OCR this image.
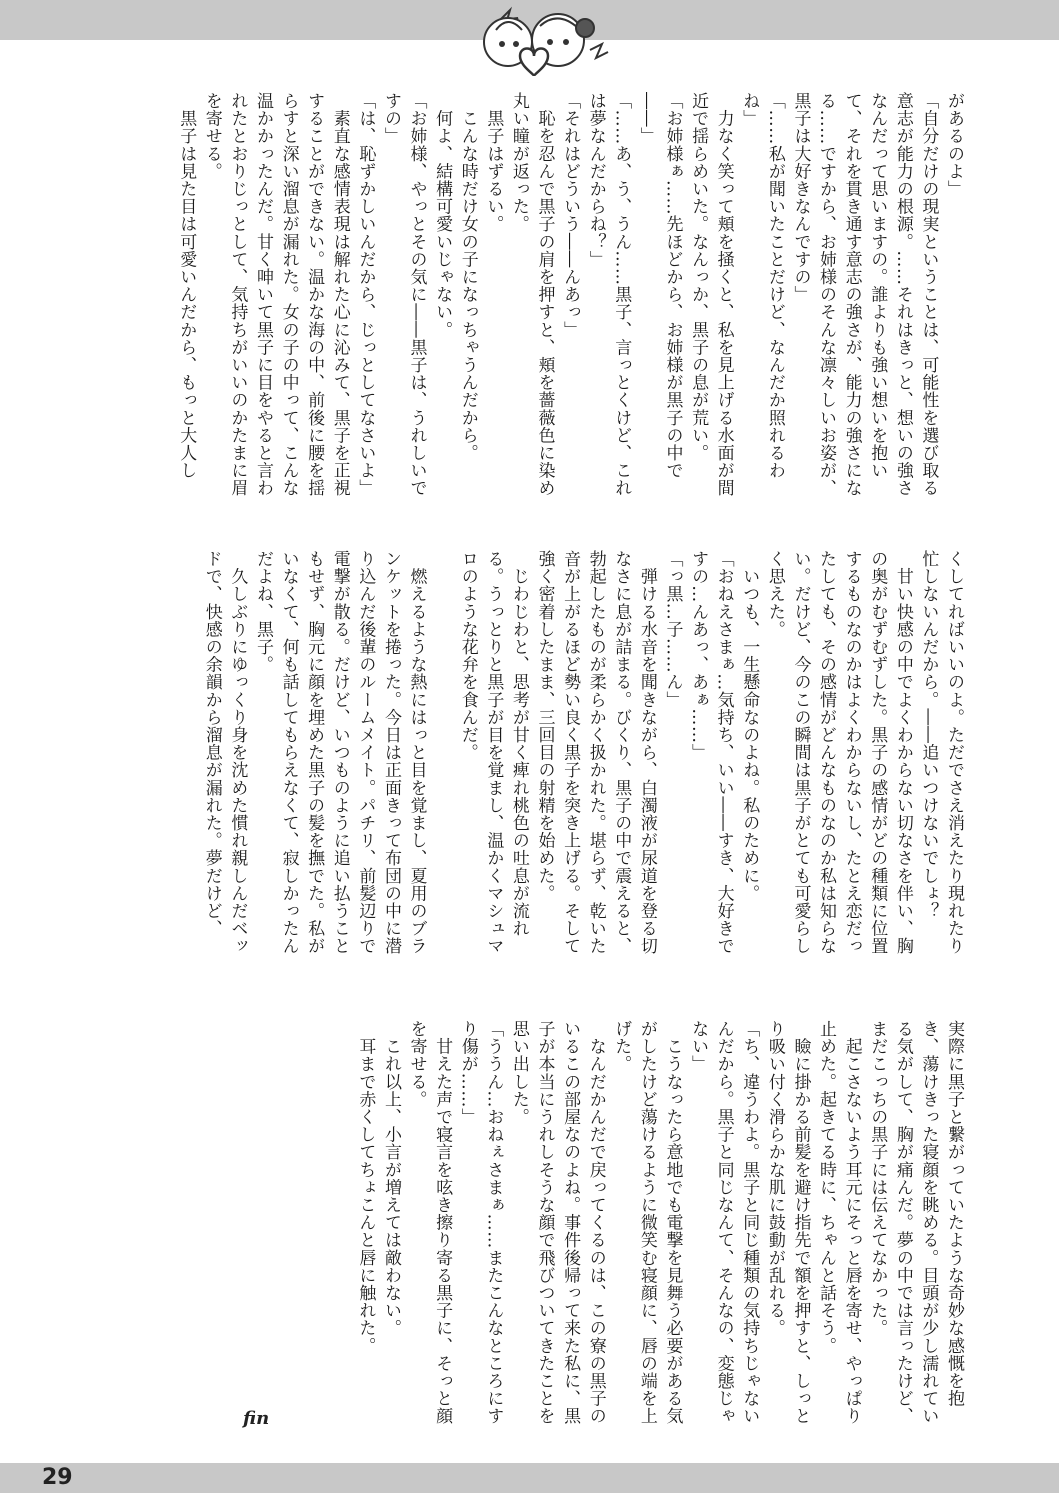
があるのよ」
「自分だけの現実ということは、可能性を選び取る意志が能力の根源。……それはきっと、想いの強さなんだって思いますの。誰よりも強い想いを抱いて、それを貫き通す意志の強さが、能力の強さになる……ですから、お姉様のそんな凛々しいお姿が、黒子は大好きなんですの」
「……私が聞いたことだけど、なんだか照れるわね」
　力なく笑って頬を掻くと、私を見上げる水面が間近で揺らめいた。なんっか、黒子の息が荒い。
「お姉様ぁ……先ほどから、お姉様が黒子の中で――」
「……あ、う、うん……黒子、言っとくけど、これは夢なんだからね？」
「それはどういう――んあっ」
　恥を忍んで黒子の肩を押すと、頬を薔薇色に染め丸い瞳が返った。
　黒子はずるい。
　こんな時だけ女の子になっちゃうんだから。
　何よ、結構可愛いじゃない。
「お姉様、やっとその気に――黒子は、うれしいですの」
「は、恥ずかしいんだから、じっとしてなさいよ」
　素直な感情表現は解れた心に沁みて、黒子を正視することができない。温かな海の中、前後に腰を揺らすと深い溜息が漏れた。女の子の中って、こんな温かかったんだ。甘く呻いて黒子に目をやると言われたとおりじっとして、気持ちがいいのかたまに眉を寄せる。
　黒子は見た目は可愛いんだから、もっと大人し
くしてればいいのよ。ただでさえ消えたり現れたり忙しないんだから。――追いつけないでしょ？
　甘い快感の中でよくわからない切なさを伴い、胸の奥がむずむずした。黒子の感情がどの種類に位置するものなのかはよくわからないし、たとえ恋だったしても、その感情がどんなものなのか私は知らない。だけど、今のこの瞬間は黒子がとても可愛らしく思えた。
　いつも、一生懸命なのよね。私のために。
「おねえさまぁ…気持ち、いい――すき、大好きですの…んあっ、あぁ……」
「っ黒…子……ん」
　弾ける水音を聞きながら、白濁液が尿道を登る切なさに息が詰まる。びくり、黒子の中で震えると、勃起したものが柔らかく扱かれた。堪らず、乾いた音が上がるほど勢い良く黒子を突き上げる。そして強く密着したまま、三回目の射精を始めた。
　じわじわと、思考が甘く痺れ桃色の吐息が流れる。うっとりと黒子が目を覚まし、温かくマシュマロのような花弁を食んだ。

　燃えるような熱にはっと目を覚まし、夏用のブランケットを捲った。今日は正面きって布団の中に潜り込んだ後輩のルームメイト。パチリ、前髪辺りで電撃が散る。だけど、いつものように追い払うこともせず、胸元に顔を埋めた黒子の髪を撫でた。私がいなくて、何も話してもらえなくて、寂しかったんだよね、黒子。
　久しぶりにゆっくり身を沈めた慣れ親しんだベッドで、快感の余韻から溜息が漏れた。夢だけど、
実際に黒子と繋がっていたような奇妙な感慨を抱き、蕩けきった寝顔を眺める。目頭が少し濡れている気がして、胸が痛んだ。夢の中では言ったけど、まだこっちの黒子には伝えてなかった。
　起こさないよう耳元にそっと唇を寄せ、やっぱり止めた。起きてる時に、ちゃんと話そう。
　瞼に掛かる前髪を避け指先で額を押すと、しっとり吸い付く滑らかな肌に鼓動が乱れる。
「ち、違うわよ。黒子と同じ種類の気持ちじゃないんだから。黒子と同じなんて、そんなの、変態じゃない」
　こうなったら意地でも電撃を見舞う必要がある気がしたけど蕩けるように微笑む寝顔に、唇の端を上げた。
　なんだかんだで戻ってくるのは、この寮の黒子のいるこの部屋なのよね。事件後帰って来た私に、黒子が本当にうれしそうな顔で飛びついてきたことを思い出した。
「ううん…おねぇさまぁ……またこんなところにすり傷が……」
　甘えた声で寝言を呟き擦り寄る黒子に、そっと顔を寄せる。
　これ以上、小言が増えては敵わない。
　耳まで赤くしてちょこんと唇に触れた。
fin
29
